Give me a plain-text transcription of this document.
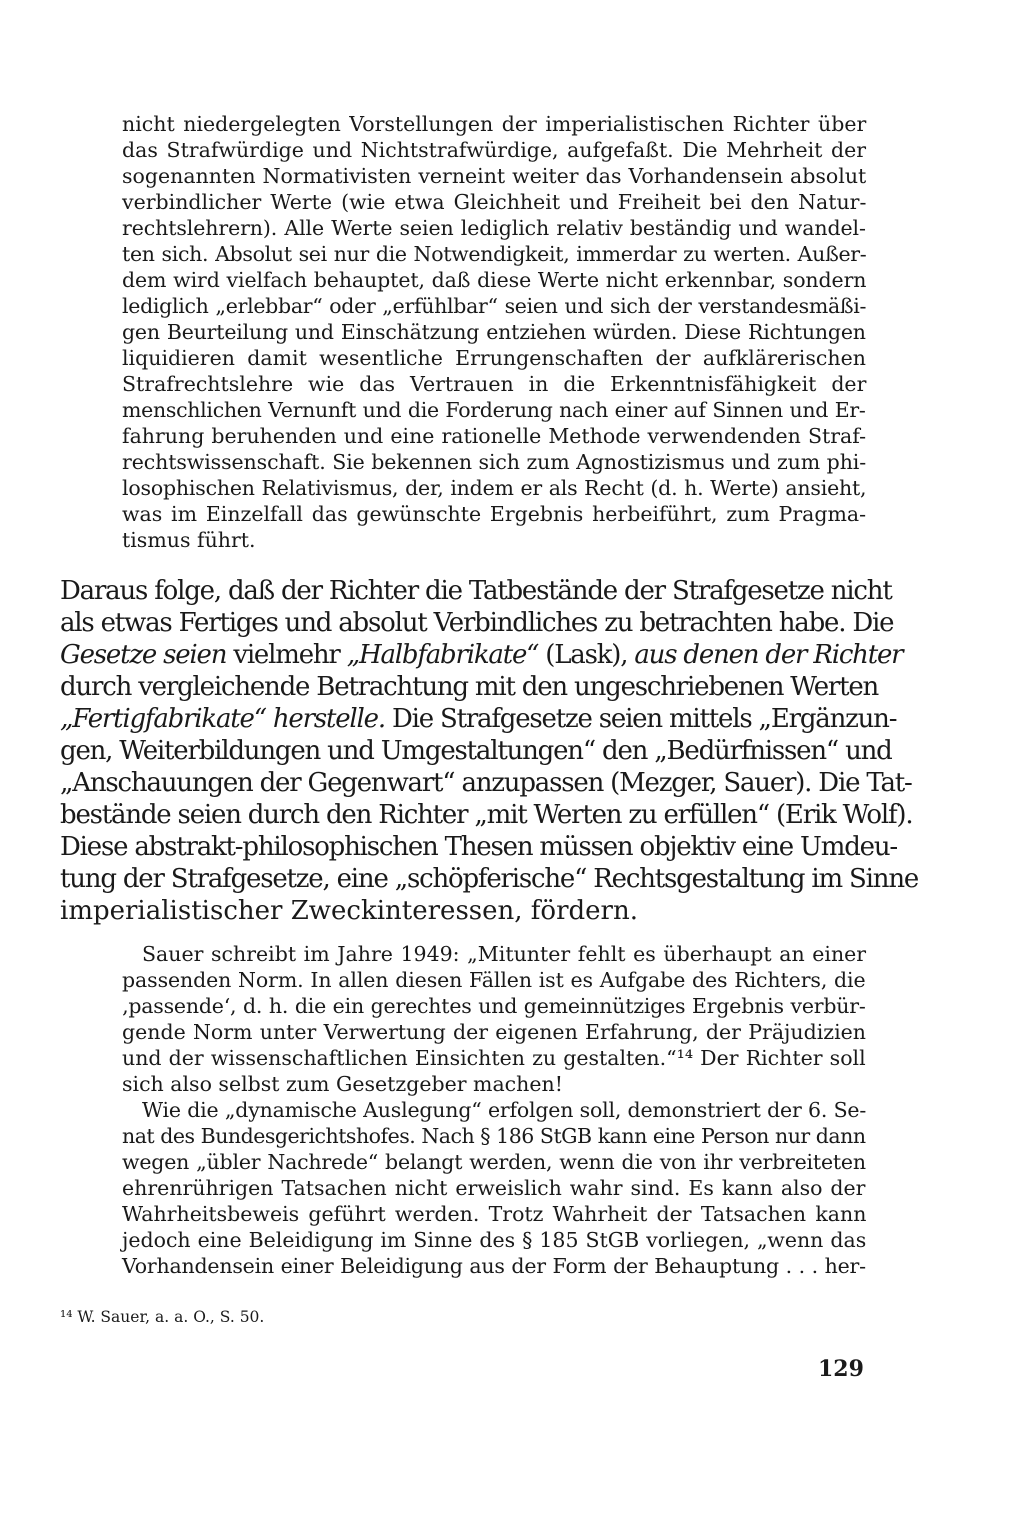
nicht niedergelegten Vorstellungen der imperialistischen Richter über
das Strafwürdige und Nichtstrafwürdige, aufgefaßt. Die Mehrheit der
sogenannten Normativisten verneint weiter das Vorhandensein absolut
verbindlicher Werte (wie etwa Gleichheit und Freiheit bei den Natur-
rechtslehrern). Alle Werte seien lediglich relativ beständig und wandel-
ten sich. Absolut sei nur die Notwendigkeit, immerdar zu werten. Außer-
dem wird vielfach behauptet, daß diese Werte nicht erkennbar, sondern
lediglich „erlebbar“ oder „erfühlbar“ seien und sich der verstandesmäßi-
gen Beurteilung und Einschätzung entziehen würden. Diese Richtungen
liquidieren damit wesentliche Errungenschaften der aufklärerischen
Strafrechtslehre wie das Vertrauen in die Erkenntnisfähigkeit der
menschlichen Vernunft und die Forderung nach einer auf Sinnen und Er-
fahrung beruhenden und eine rationelle Methode verwendenden Straf-
rechtswissenschaft. Sie bekennen sich zum Agnostizismus und zum phi-
losophischen Relativismus, der, indem er als Recht (d. h. Werte) ansieht,
was im Einzelfall das gewünschte Ergebnis herbeiführt, zum Pragma-
tismus führt.
Daraus folge, daß der Richter die Tatbestände der Strafgesetze nicht
als etwas Fertiges und absolut Verbindliches zu betrachten habe. Die
Gesetze seien vielmehr „Halbfabrikate“ (Lask), aus denen der Richter
durch vergleichende Betrachtung mit den ungeschriebenen Werten
„Fertigfabrikate“ herstelle. Die Strafgesetze seien mittels „Ergänzun-
gen, Weiterbildungen und Umgestaltungen“ den „Bedürfnissen“ und
„Anschauungen der Gegenwart“ anzupassen (Mezger, Sauer). Die Tat-
bestände seien durch den Richter „mit Werten zu erfüllen“ (Erik Wolf).
Diese abstrakt-philosophischen Thesen müssen objektiv eine Umdeu-
tung der Strafgesetze, eine „schöpferische“ Rechtsgestaltung im Sinne
imperialistischer Zweckinteressen, fördern.
Sauer schreibt im Jahre 1949: „Mitunter fehlt es überhaupt an einer
passenden Norm. In allen diesen Fällen ist es Aufgabe des Richters, die
‚passende‘, d. h. die ein gerechtes und gemeinnütziges Ergebnis verbür-
gende Norm unter Verwertung der eigenen Erfahrung, der Präjudizien
und der wissenschaftlichen Einsichten zu gestalten.“¹⁴ Der Richter soll
sich also selbst zum Gesetzgeber machen!
Wie die „dynamische Auslegung“ erfolgen soll, demonstriert der 6. Se-
nat des Bundesgerichtshofes. Nach § 186 StGB kann eine Person nur dann
wegen „übler Nachrede“ belangt werden, wenn die von ihr verbreiteten
ehrenrührigen Tatsachen nicht erweislich wahr sind. Es kann also der
Wahrheitsbeweis geführt werden. Trotz Wahrheit der Tatsachen kann
jedoch eine Beleidigung im Sinne des § 185 StGB vorliegen, „wenn das
Vorhandensein einer Beleidigung aus der Form der Behauptung . . . her-
¹⁴ W. Sauer, a. a. O., S. 50.
129
